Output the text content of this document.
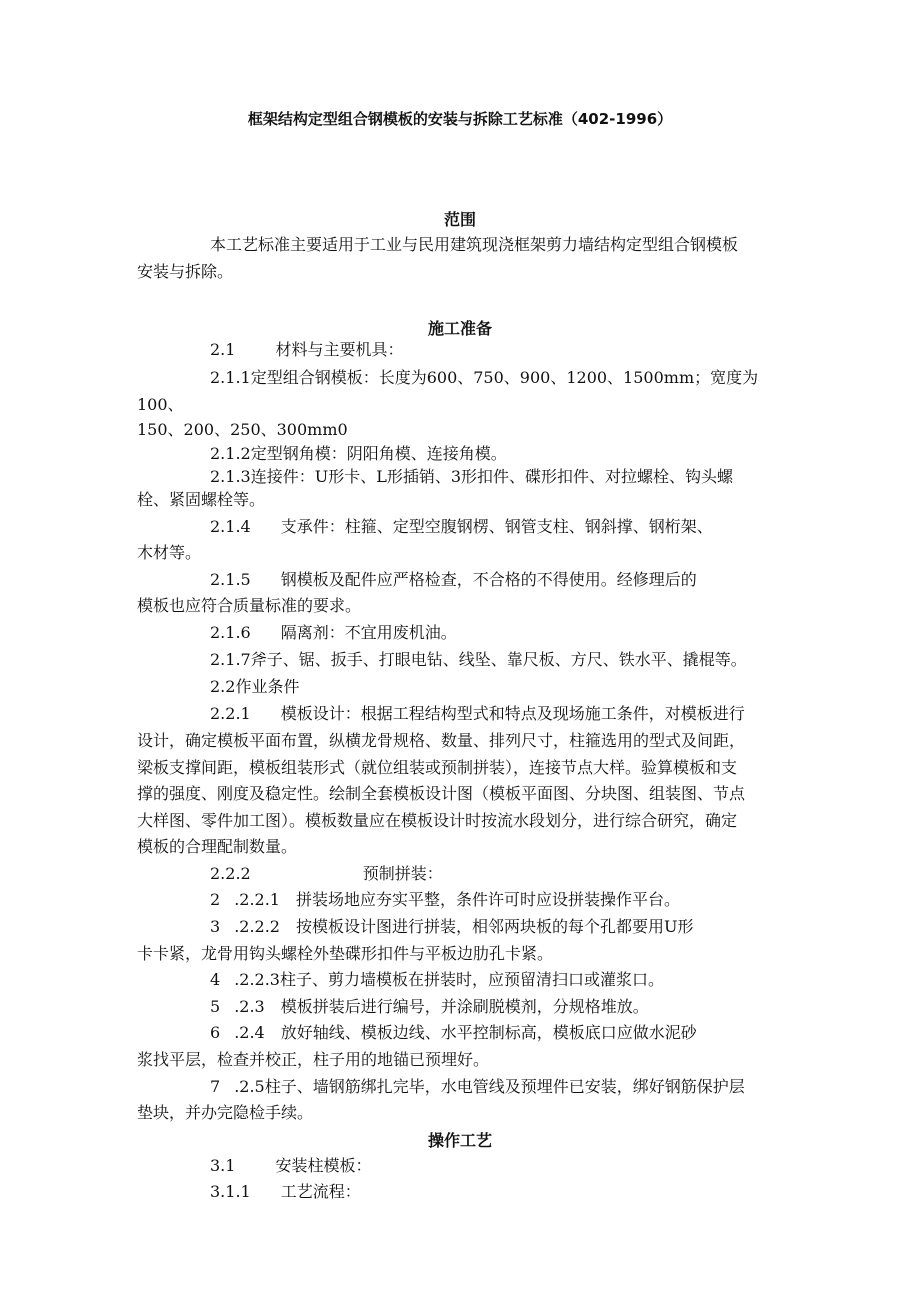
框架结构定型组合钢模板的安装与拆除工艺标准（402-1996）
范围
本工艺标准主要适用于工业与民用建筑现浇框架剪力墙结构定型组合钢模板
安装与拆除。
施工准备
2.1	材料与主要机具：
2.1.1定型组合钢模板：长度为600、750、900、1200、1500mm；宽度为
100、
150、200、250、300mm0
2.1.2定型钢角模：阴阳角模、连接角模。
2.1.3连接件：U形卡、L形插销、3形扣件、碟形扣件、对拉螺栓、钩头螺
栓、紧固螺栓等。
2.1.4 支承件：柱箍、定型空腹钢楞、钢管支柱、钢斜撑、钢桁架、
木材等。
2.1.5 钢模板及配件应严格检查，不合格的不得使用。经修理后的
模板也应符合质量标准的要求。
2.1.6 隔离剂：不宜用废机油。
2.1.7斧子、锯、扳手、打眼电钻、线坠、靠尺板、方尺、铁水平、撬棍等。
2.2作业条件
2.2.1 模板设计：根据工程结构型式和特点及现场施工条件，对模板进行
设计，确定模板平面布置，纵横龙骨规格、数量、排列尺寸，柱箍选用的型式及间距，
梁板支撑间距，模板组装形式（就位组装或预制拼装），连接节点大样。验算模板和支
撑的强度、刚度及稳定性。绘制全套模板设计图（模板平面图、分块图、组装图、节点
大样图、零件加工图）。模板数量应在模板设计时按流水段划分，进行综合研究，确定
模板的合理配制数量。
2.2.2	预制拼装：
2 .2.2.1　拼装场地应夯实平整，条件许可时应设拼装操作平台。
3 .2.2.2　按模板设计图进行拼装，相邻两块板的每个孔都要用U形
卡卡紧，龙骨用钩头螺栓外垫碟形扣件与平板边肋孔卡紧。
4 .2.2.3柱子、剪力墙模板在拼装时，应预留清扫口或灌浆口。
5 .2.3　模板拼装后进行编号，并涂刷脱模剂，分规格堆放。
6 .2.4　放好轴线、模板边线、水平控制标高，模板底口应做水泥砂
浆找平层，检查并校正，柱子用的地锚已预埋好。
7 .2.5柱子、墙钢筋绑扎完毕，水电管线及预埋件已安装，绑好钢筋保护层
垫块，并办完隐检手续。
操作工艺
3.1	安装柱模板：
3.1.1 工艺流程：
